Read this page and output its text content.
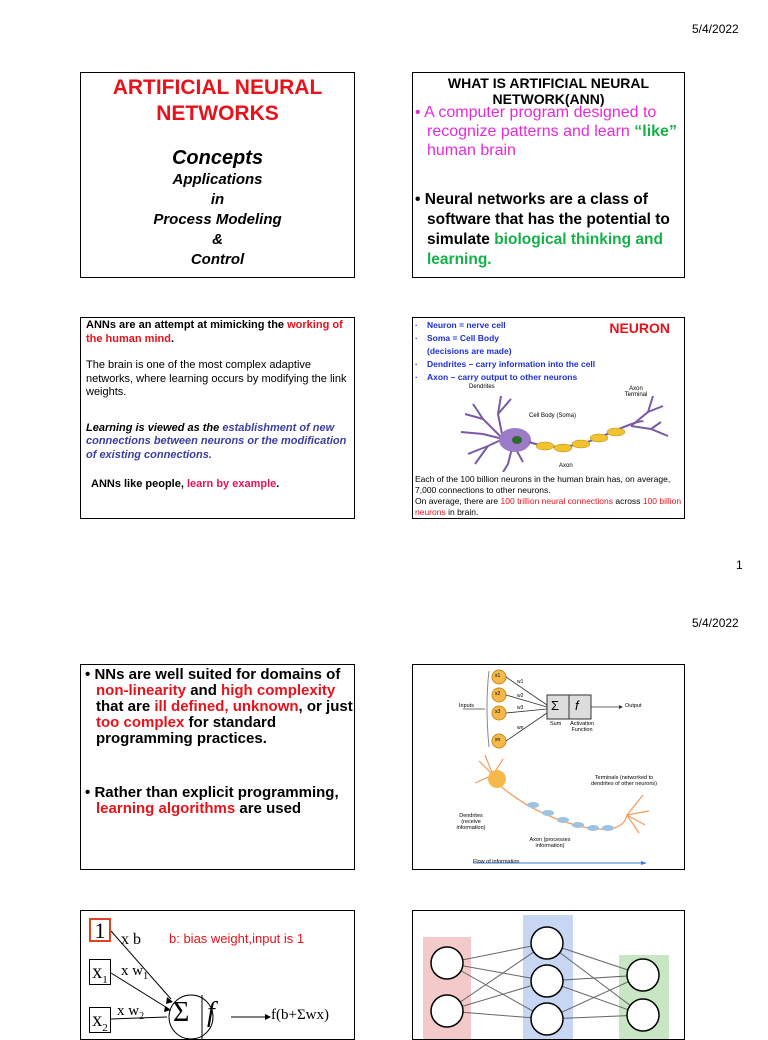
5/4/2022
ARTIFICIAL NEURAL
NETWORKS
Concepts
Applications
in
Process Modeling
&
Control
WHAT IS ARTIFICIAL NEURAL
NETWORK(ANN)
• A computer program designed to recognize patterns and learn “like” human brain
• Neural networks are a class of software that has the potential to simulate biological thinking and learning.

ANNs are an attempt at mimicking the working of the human mind.

The brain is one of the most complex adaptive networks, where learning occurs by modifying the link weights.

Learning is viewed as the establishment of new connections between neurons or the modification of existing connections.

ANNs like people, learn by example.

NEURON
· Neuron = nerve cell
· Soma = Cell Body
(decisions are made)
· Dendrites – carry information into the cell
· Axon – carry output to other neurons
Dendrites
Cell Body (Soma)
Axon Terminal
Axon
Each of the 100 billion neurons in the human brain has, on average, 7,000 connections to other neurons.
On average, there are 100 trillion neural connections across 100 billion neurons in brain.
1
5/4/2022
• NNs are well suited for domains of non-linearity and high complexity that are ill defined, unknown, or just too complex for standard programming practices.
• Rather than explicit programming, learning algorithms are used
Inputs	Output
Σ f
Sum	Activation Function
x1
x2
x3
xn
w1
w2
w3
wn
Terminals (networked to dendrites of other neurons)
Dendrites (receive information)
Axon (processes information)
Flow of information
1 x b b: bias weight,input is 1
$x_1$
x $w_1$
$x_2$
x $w_2$ Σ f	f(b+Σwx)
